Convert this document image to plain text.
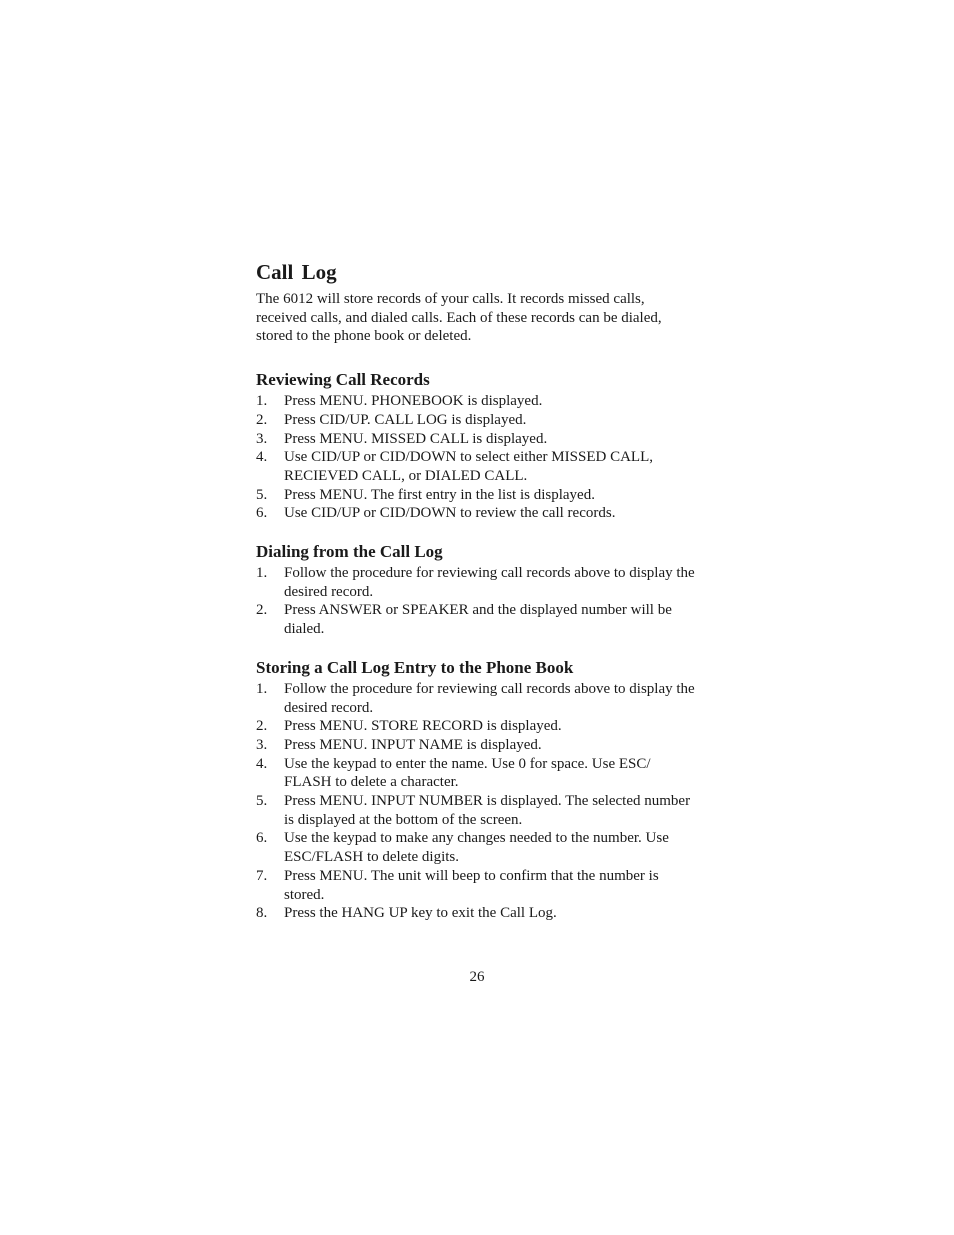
Call Log

The 6012 will store records of your calls. It records missed calls, received calls, and dialed calls. Each of these records can be dialed, stored to the phone book or deleted.

Reviewing Call Records
1. Press MENU. PHONEBOOK is displayed.
2. Press CID/UP. CALL LOG is displayed.
3. Press MENU. MISSED CALL is displayed.
4. Use CID/UP or CID/DOWN to select either MISSED CALL, RECIEVED CALL, or DIALED CALL.
5. Press MENU. The first entry in the list is displayed.
6. Use CID/UP or CID/DOWN to review the call records.
Dialing from the Call Log
1. Follow the procedure for reviewing call records above to display the desired record.
2. Press ANSWER or SPEAKER and the displayed number will be dialed.
Storing a Call Log Entry to the Phone Book
1. Follow the procedure for reviewing call records above to display the desired record.
2. Press MENU. STORE RECORD is displayed.
3. Press MENU. INPUT NAME is displayed.
4. Use the keypad to enter the name. Use 0 for space. Use ESC/ FLASH to delete a character.
5. Press MENU. INPUT NUMBER is displayed. The selected number is displayed at the bottom of the screen.
6. Use the keypad to make any changes needed to the number. Use ESC/FLASH to delete digits.
7. Press MENU. The unit will beep to confirm that the number is stored.
8. Press the HANG UP key to exit the Call Log.
26
